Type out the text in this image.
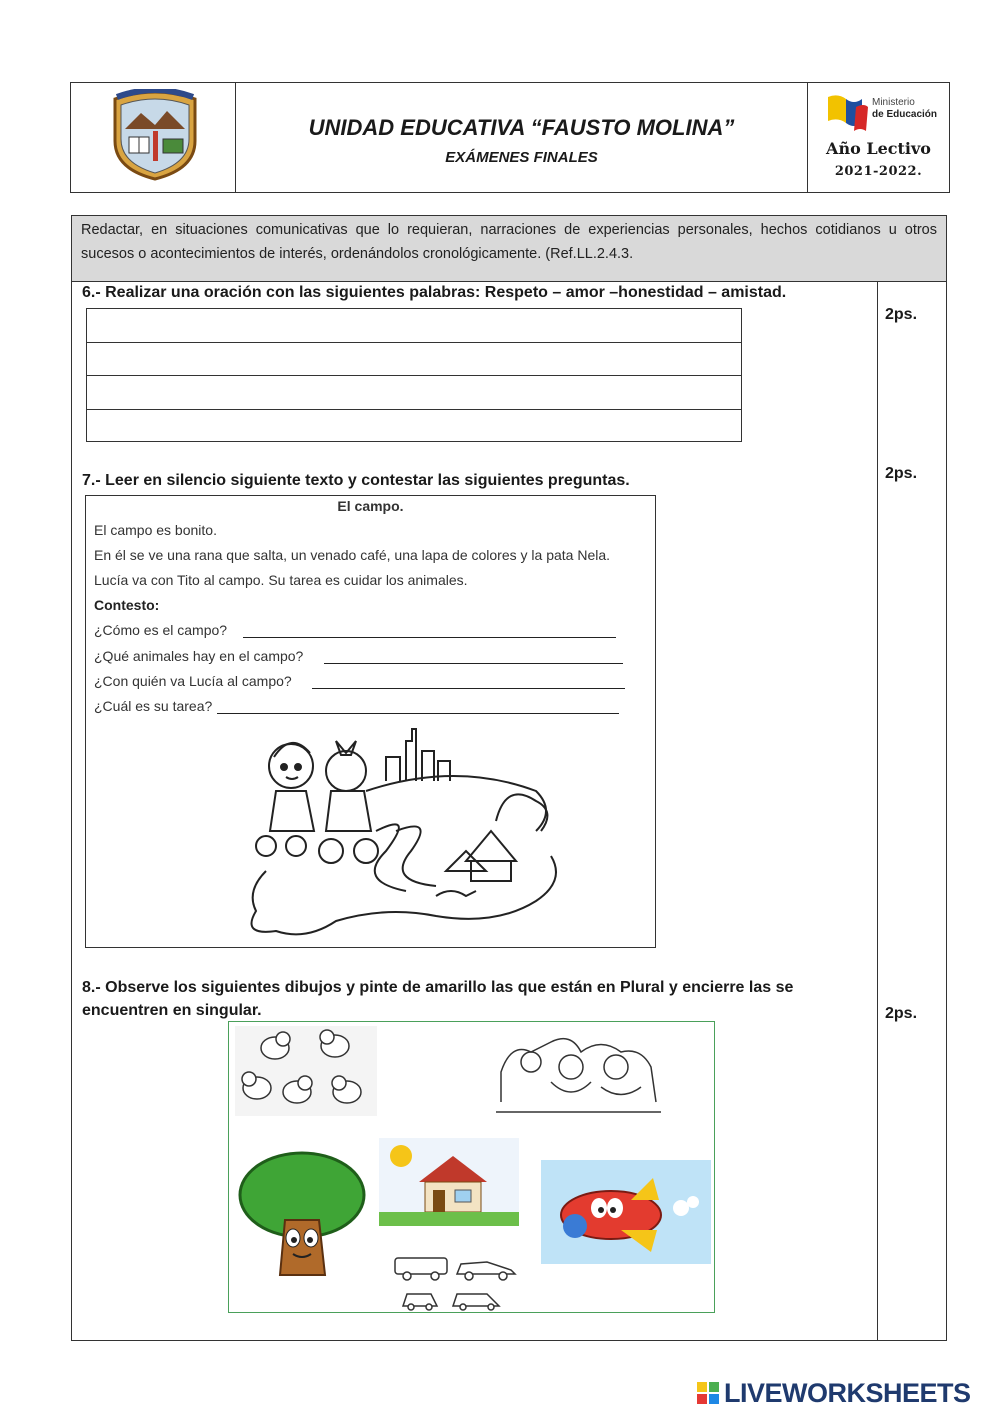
UNIDAD EDUCATIVA “FAUSTO MOLINA”
EXÁMENES FINALES
Ministerio
de Educación
Año Lectivo
2021-2022.
Redactar, en situaciones comunicativas que lo requieran, narraciones de experiencias personales, hechos cotidianos u otros sucesos o acontecimientos de interés, ordenándolos cronológicamente. (Ref.LL.2.4.3.
6.- Realizar una oración con las siguientes palabras: Respeto – amor –honestidad – amistad.
2ps.
2ps.
7.- Leer en silencio siguiente texto y contestar las siguientes preguntas.
El campo.
El campo es bonito.
En él se ve una rana que salta, un venado café, una lapa de colores y la pata Nela.
Lucía va con Tito al campo. Su tarea es cuidar los animales.
Contesto:
¿Cómo es el campo?
¿Qué animales hay en el campo?
¿Con quién va Lucía al campo?
¿Cuál es su tarea?
8.- Observe los siguientes dibujos y pinte de amarillo las que están en Plural y encierre las se encuentren en singular.	2ps.
LIVEWORKSHEETS
